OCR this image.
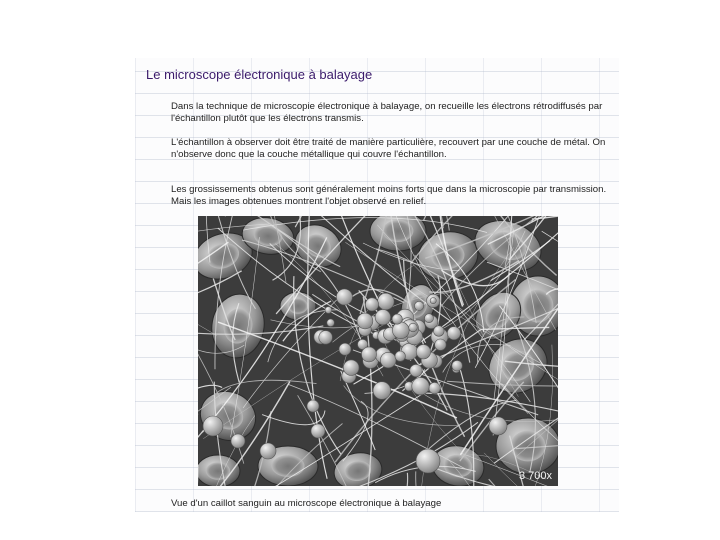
Le microscope électronique à balayage
Dans la technique de microscopie électronique à balayage, on recueille les électrons rétrodiffusés par l'échantillon plutôt que les électrons transmis.
L'échantillon à observer doit être traité de manière particulière, recouvert par une couche de métal. On n'observe donc que la couche métallique qui couvre l'échantillon.
Les grossissements obtenus sont généralement moins forts que dans la microscopie par transmission. Mais les images obtenues montrent l'objet observé en relief.
3 700x
Vue d'un caillot sanguin au microscope électronique à balayage
